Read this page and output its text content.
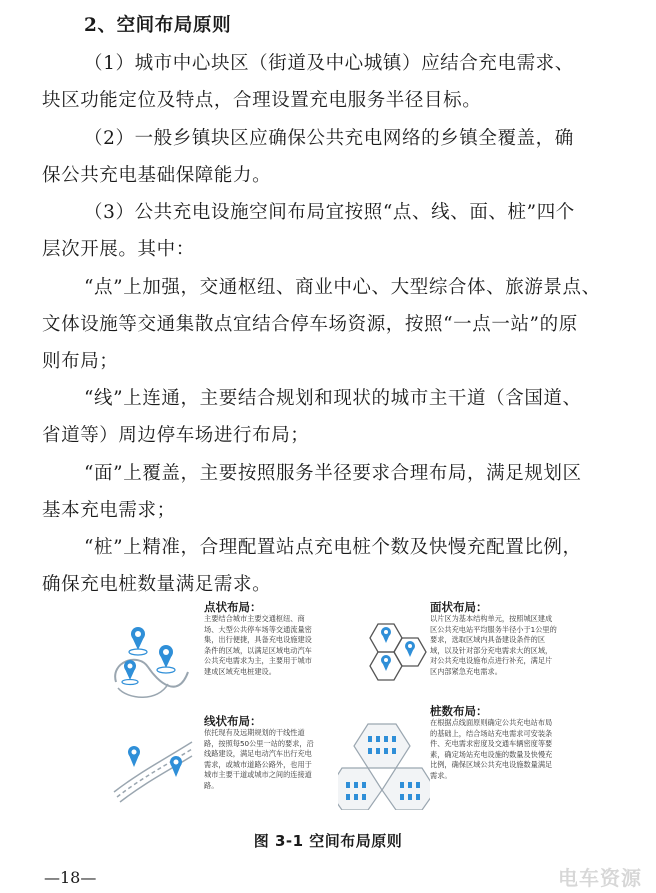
2、空间布局原则
（1）城市中心块区（街道及中心城镇）应结合充电需求、
块区功能定位及特点，合理设置充电服务半径目标。
（2）一般乡镇块区应确保公共充电网络的乡镇全覆盖，确
保公共充电基础保障能力。
（3）公共充电设施空间布局宜按照“点、线、面、桩”四个
层次开展。其中：
“点”上加强，交通枢纽、商业中心、大型综合体、旅游景点、
文体设施等交通集散点宜结合停车场资源，按照“一点一站”的原
则布局；
“线”上连通，主要结合规划和现状的城市主干道（含国道、
省道等）周边停车场进行布局；
“面”上覆盖，主要按照服务半径要求合理布局，满足规划区
基本充电需求；
“桩”上精准，合理配置站点充电桩个数及快慢充配置比例，
确保充电桩数量满足需求。
点状布局：
主要结合城市主要交通枢纽、商场、大型公共停车场等交通流量密集，出行便捷，具备充电设施建设条件的区域，以满足区域电动汽车公共充电需求为主，主要用于城市建成区域充电桩建设。
面状布局：
以片区为基本结构单元，按照城区建成区公共充电站平均服务半径小于1公里的要求，选取区域内具备建设条件的区域，以及针对部分充电需求大的区域，对公共充电设施布点进行补充，满足片区内部紧急充电需求。
线状布局：
依托现有及远期规划的干线性道路，按照每50公里一站的要求，沿线路建设，满足电动汽车出行充电需求，或城市道路公路外，也用于城市主要干道或城市之间的连接道路。
桩数布局：
在根据点线面原则确定公共充电站布局的基础上，结合场站充电需求可安装条件、充电需求密度及交通车辆密度等要素，确定场站充电设施的数量及快慢充比例，确保区域公共充电设施数量满足需求。
图 3-1 空间布局原则
—18—	电车资源
